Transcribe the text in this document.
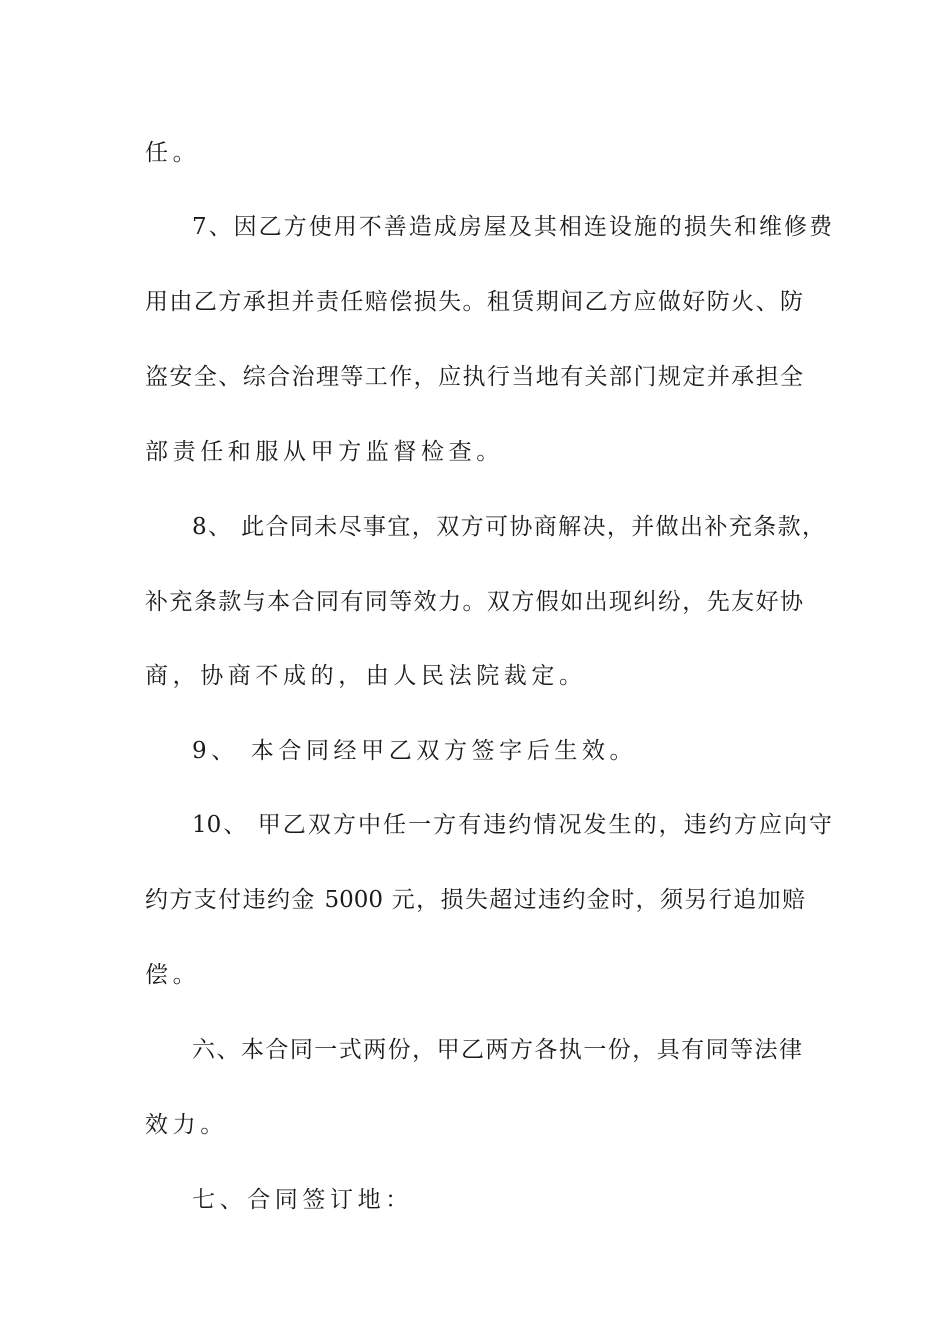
任。
7、因乙方使用不善造成房屋及其相连设施的损失和维修费
用由乙方承担并责任赔偿损失。租赁期间乙方应做好防火、防
盗安全、综合治理等工作，应执行当地有关部门规定并承担全
部责任和服从甲方监督检查。
8、 此合同未尽事宜，双方可协商解决，并做出补充条款，
补充条款与本合同有同等效力。双方假如出现纠纷，先友好协
商，协商不成的，由人民法院裁定。
9、 本合同经甲乙双方签字后生效。
10、 甲乙双方中任一方有违约情况发生的，违约方应向守
约方支付违约金 5000 元，损失超过违约金时，须另行追加赔
偿。
六、本合同一式两份，甲乙两方各执一份，具有同等法律
效力。
七、合同签订地：
